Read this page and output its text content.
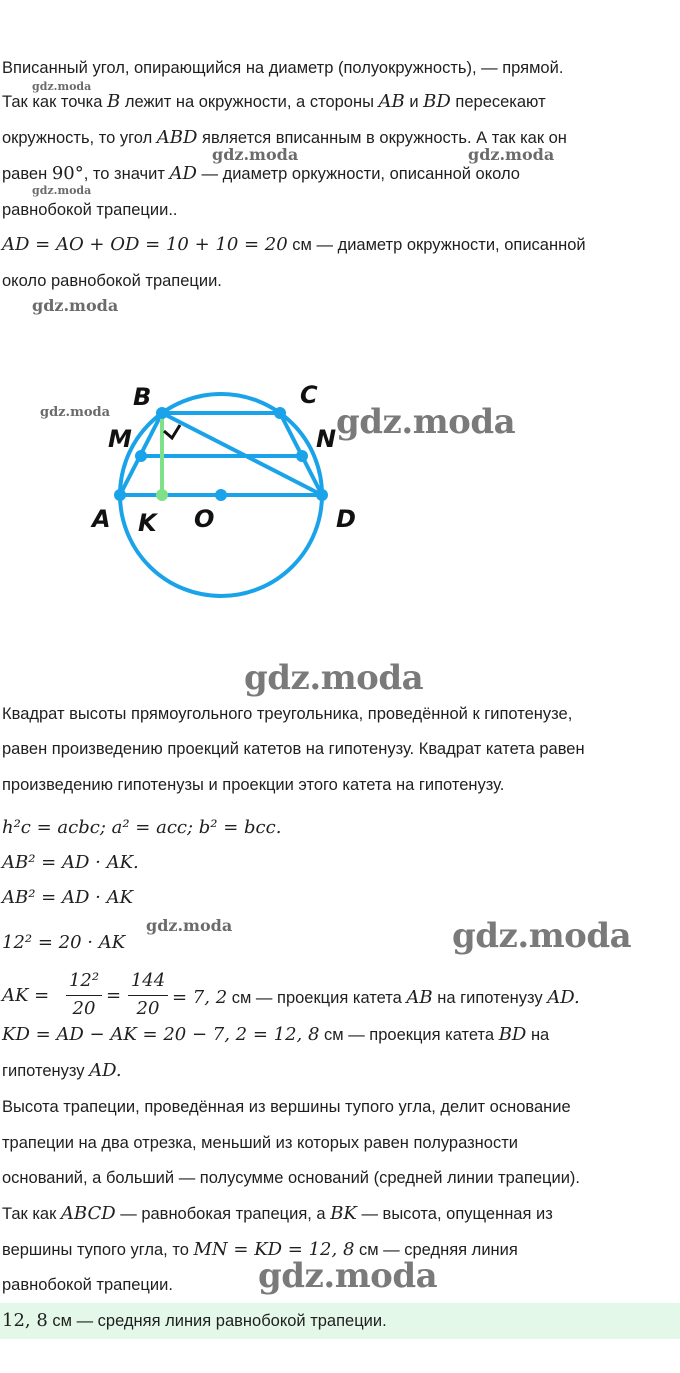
Вписанный угол, опирающийся на диаметр (полуокружность), — прямой.
Так как точка B лежит на окружности, а стороны AB и BD пересекают
окружность, то угол ABD является вписанным в окружность. А так как он
равен 90°, то значит AD — диаметр оркужности, описанной около
равнобокой трапеции..
AD = AO + OD = 10 + 10 = 20 см — диаметр окружности, описанной
около равнобокой трапеции.
gdz.moda
gdz.moda
gdz.moda	gdz.moda
gdz.moda
B	C
M	N
A K O	D
gdz.moda	gdz.moda
gdz.moda
Квадрат высоты прямоугольного треугольника, проведённой к гипотенузе,
равен произведению проекций катетов на гипотенузу. Квадрат катета равен
произведению гипотенузы и проекции этого катета на гипотенузу.
h²c = acbc; a² = acc; b² = bcc.
AB² = AD · AK.
AB² = AD · AK
12² = 20 · AK
gdz.moda	gdz.moda
AK =
12²
20
=
144
20
= 7, 2 см — проекция катета AB на гипотенузу AD.
KD = AD − AK = 20 − 7, 2 = 12, 8 см — проекция катета BD на
гипотенузу AD.
Высота трапеции, проведённая из вершины тупого угла, делит основание
трапеции на два отрезка, меньший из которых равен полуразности
оснований, а больший — полусумме оснований (средней линии трапеции).
Так как ABCD — равнобокая трапеция, а BK — высота, опущенная из
вершины тупого угла, то MN = KD = 12, 8 см — средняя линия
равнобокой трапеции.	gdz.moda
12, 8 см — средняя линия равнобокой трапеции.
